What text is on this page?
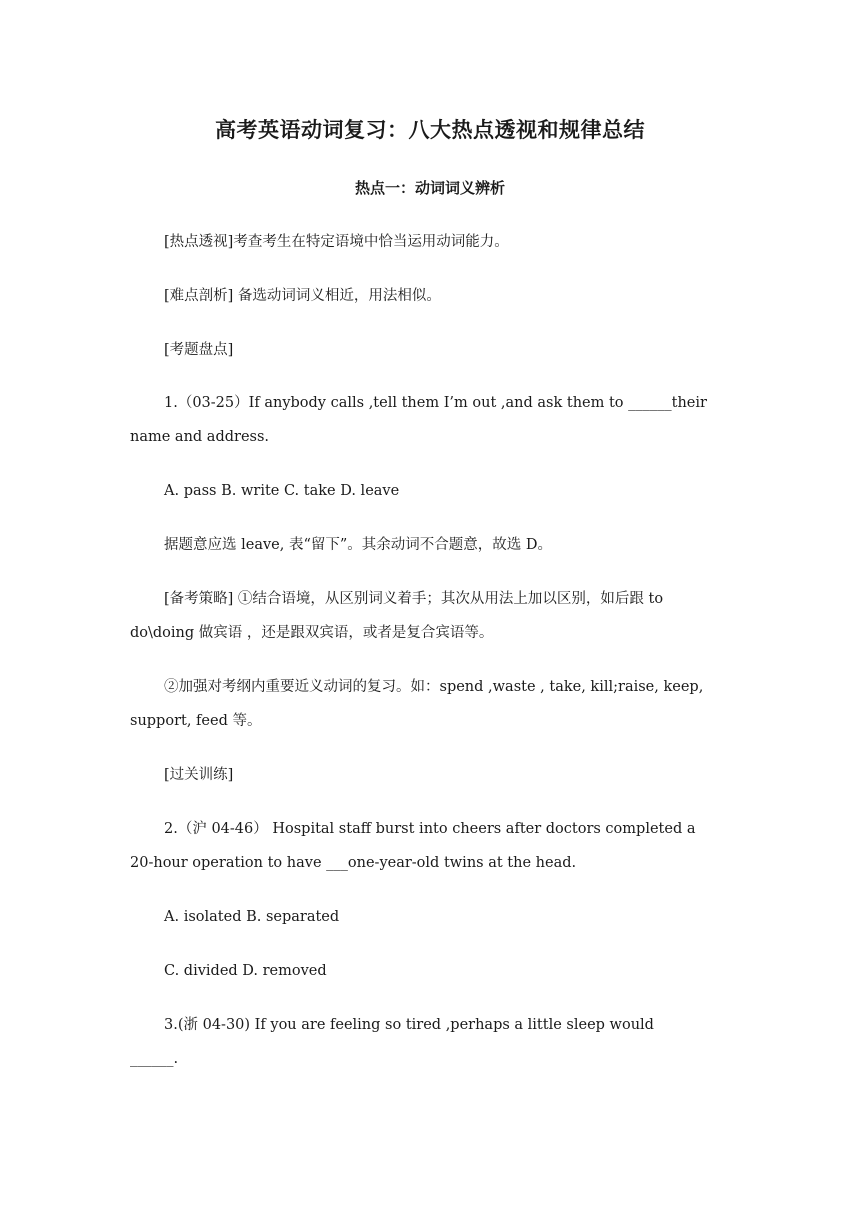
高考英语动词复习：八大热点透视和规律总结
热点一：动词词义辨析
[热点透视]考查考生在特定语境中恰当运用动词能力。
[难点剖析] 备选动词词义相近，用法相似。
[考题盘点]
1.（03-25）If anybody calls ,tell them I’m out ,and ask them to ______their
name and address.
A. pass B. write C. take D. leave
据题意应选 leave, 表“留下”。其余动词不合题意，故选 D。
[备考策略] ①结合语境，从区别词义着手；其次从用法上加以区别，如后跟 to
do\doing 做宾语 ，还是跟双宾语，或者是复合宾语等。
②加强对考纲内重要近义动词的复习。如：spend ,waste , take, kill;raise, keep,
support, feed 等。
[过关训练]
2.（沪 04-46） Hospital staff burst into cheers after doctors completed a
20-hour operation to have ___one-year-old twins at the head.
A. isolated B. separated
C. divided D. removed
3.(浙 04-30) If you are feeling so tired ,perhaps a little sleep would
______.
